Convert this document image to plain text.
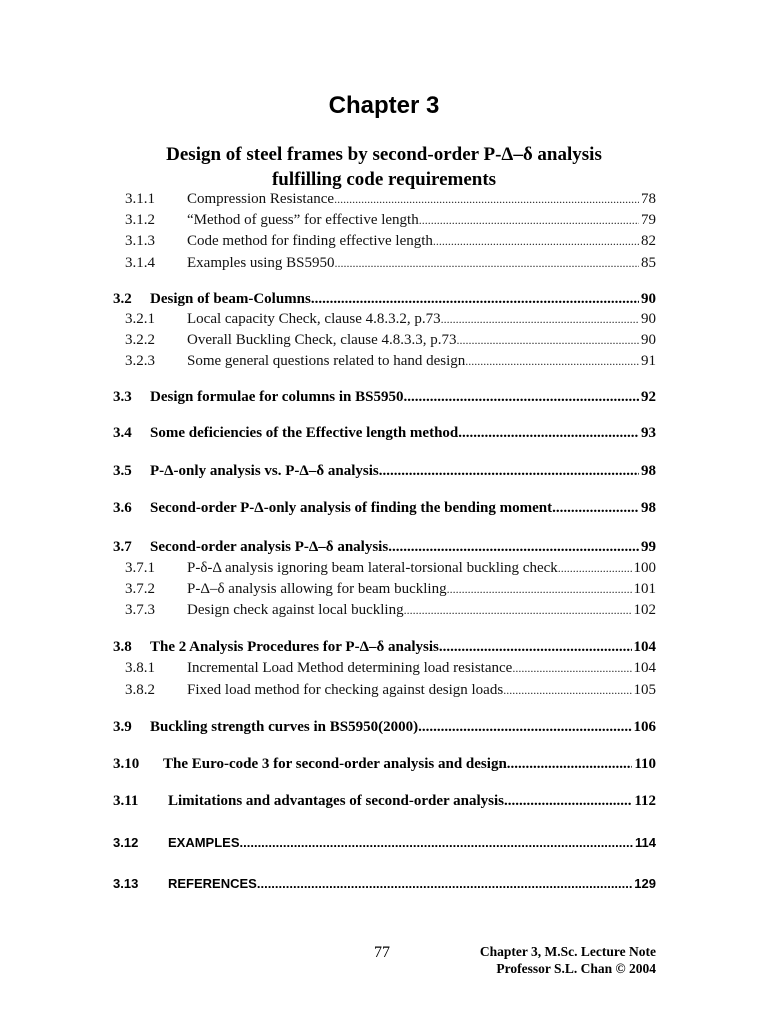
Chapter 3
Design of steel frames by second-order P-Δ–δ analysis
fulfilling code requirements
3.1.1	Compression Resistance .....	78
3.1.2	“Method of guess” for effective length .....	79
3.1.3	Code method for finding effective length .....	82
3.1.4	Examples using BS5950 .....	85
3.2	Design of beam-Columns .....	90
3.2.1	Local capacity Check, clause 4.8.3.2, p.73 .....	90
3.2.2	Overall Buckling Check, clause 4.8.3.3, p.73 .....	90
3.2.3	Some general questions related to hand design .....	91
3.3	Design formulae for columns in BS5950 .....	92
3.4	Some deficiencies of the Effective length method .....	93
3.5	P-Δ-only analysis vs. P-Δ–δ analysis .....	98
3.6	Second-order P-Δ-only analysis of finding the bending moment .....	98
3.7	Second-order analysis P-Δ–δ analysis .....	99
3.7.1	P-δ-Δ analysis ignoring beam lateral-torsional buckling check .....	100
3.7.2	P-Δ–δ analysis allowing for beam buckling .....	101
3.7.3	Design check against local buckling .....	102
3.8	The 2 Analysis Procedures for P-Δ–δ analysis .....	104
3.8.1	Incremental Load Method determining load resistance .....	104
3.8.2	Fixed load method for checking against design loads .....	105
3.9	Buckling strength curves in BS5950(2000) .....	106
3.10	The Euro-code 3 for second-order analysis and design .....	110
3.11	Limitations and advantages of second-order analysis .....	112
3.12	EXAMPLES .....	114
3.13	REFERENCES .....	129
77	Chapter 3, M.Sc. Lecture Note
Professor S.L. Chan © 2004
